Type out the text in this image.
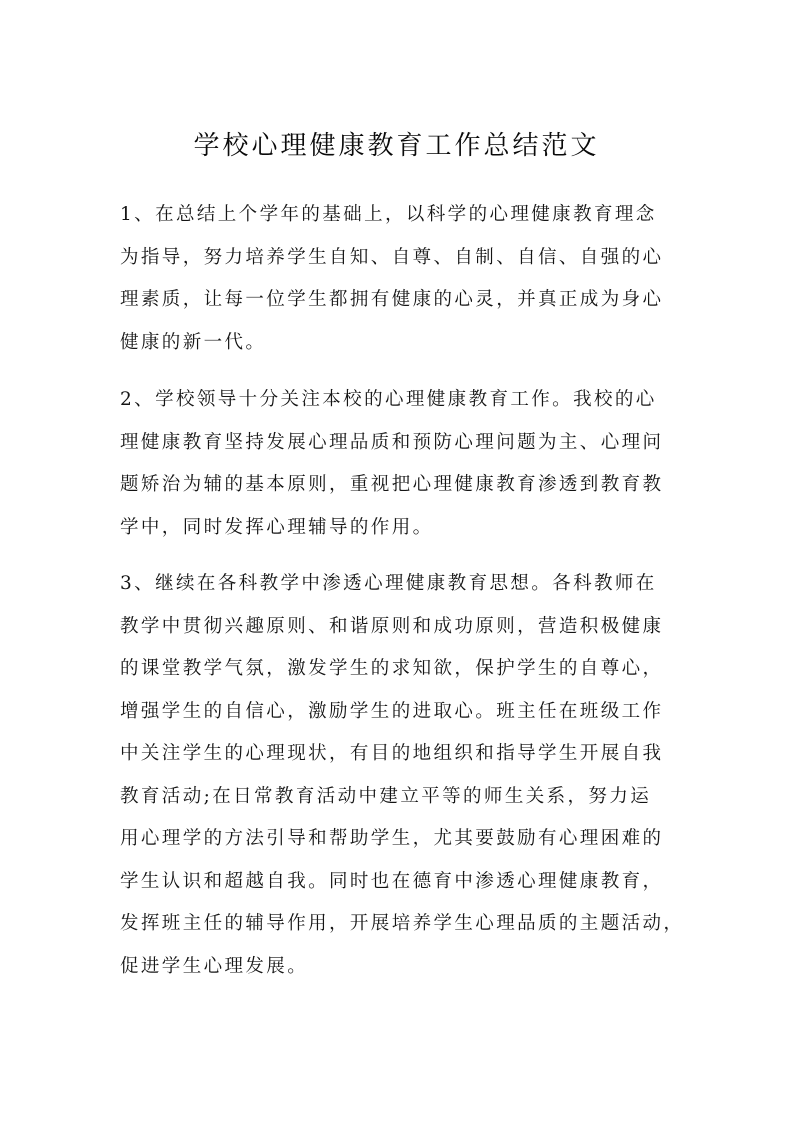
学校心理健康教育工作总结范文
1、在总结上个学年的基础上，以科学的心理健康教育理念
为指导，努力培养学生自知、自尊、自制、自信、自强的心
理素质，让每一位学生都拥有健康的心灵，并真正成为身心
健康的新一代。
2、学校领导十分关注本校的心理健康教育工作。我校的心
理健康教育坚持发展心理品质和预防心理问题为主、心理问
题矫治为辅的基本原则，重视把心理健康教育渗透到教育教
学中，同时发挥心理辅导的作用。
3、继续在各科教学中渗透心理健康教育思想。各科教师在
教学中贯彻兴趣原则、和谐原则和成功原则，营造积极健康
的课堂教学气氛，激发学生的求知欲，保护学生的自尊心，
增强学生的自信心，激励学生的进取心。班主任在班级工作
中关注学生的心理现状，有目的地组织和指导学生开展自我
教育活动;在日常教育活动中建立平等的师生关系，努力运
用心理学的方法引导和帮助学生，尤其要鼓励有心理困难的
学生认识和超越自我。同时也在德育中渗透心理健康教育，
发挥班主任的辅导作用，开展培养学生心理品质的主题活动，
促进学生心理发展。
